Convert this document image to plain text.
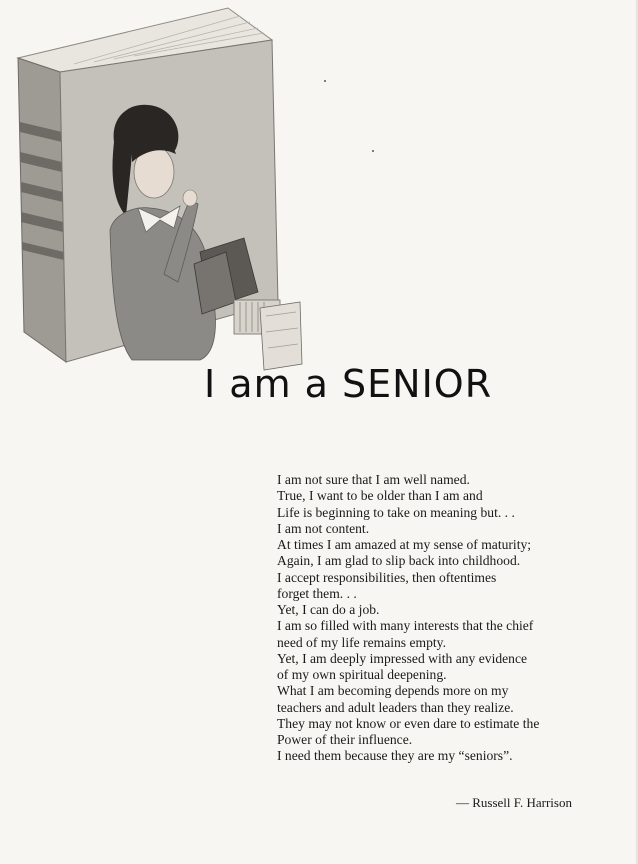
I am a SENIOR
I am not sure that I am well named.
True, I want to be older than I am and
Life is beginning to take on meaning but. . .
I am not content.
At times I am amazed at my sense of maturity;
Again, I am glad to slip back into childhood.
I accept responsibilities, then oftentimes
forget them. . .
Yet, I can do a job.
I am so filled with many interests that the chief
need of my life remains empty.
Yet, I am deeply impressed with any evidence
of my own spiritual deepening.
What I am becoming depends more on my
teachers and adult leaders than they realize.
They may not know or even dare to estimate the
Power of their influence.
I need them because they are my “seniors”.
— Russell F. Harrison
